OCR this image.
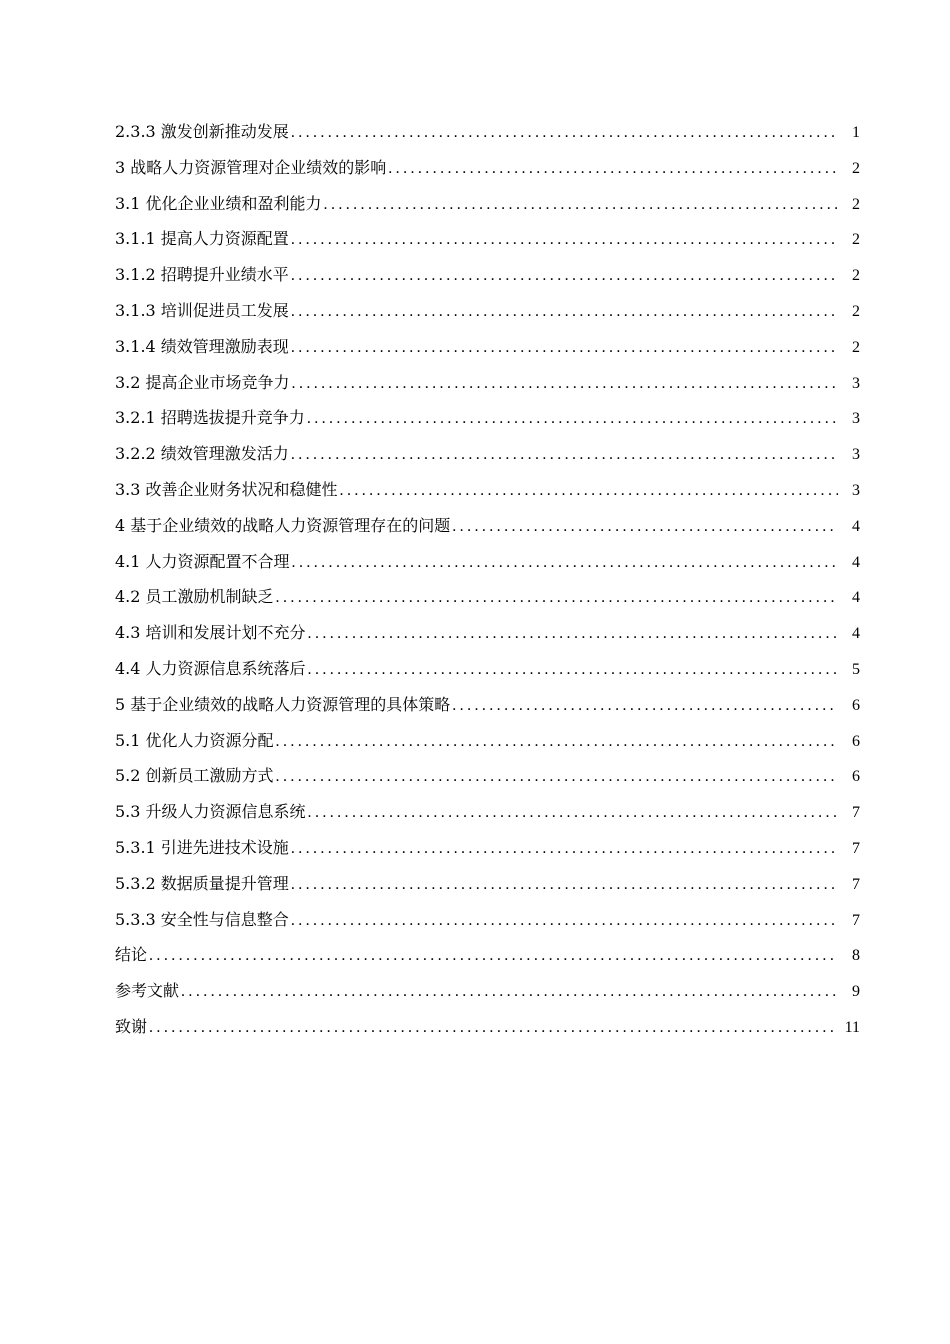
2.3.3 激发创新推动发展 .....	1
3 战略人力资源管理对企业绩效的影响 .....	2
3.1 优化企业业绩和盈利能力 .....	2
3.1.1 提高人力资源配置 .....	2
3.1.2 招聘提升业绩水平 .....	2
3.1.3 培训促进员工发展 .....	2
3.1.4 绩效管理激励表现 .....	2
3.2 提高企业市场竞争力 .....	3
3.2.1 招聘选拔提升竞争力 .....	3
3.2.2 绩效管理激发活力 .....	3
3.3 改善企业财务状况和稳健性 .....	3
4 基于企业绩效的战略人力资源管理存在的问题 .....	4
4.1 人力资源配置不合理 .....	4
4.2 员工激励机制缺乏 .....	4
4.3 培训和发展计划不充分 .....	4
4.4 人力资源信息系统落后 .....	5
5 基于企业绩效的战略人力资源管理的具体策略 .....	6
5.1 优化人力资源分配 .....	6
5.2 创新员工激励方式 .....	6
5.3 升级人力资源信息系统 .....	7
5.3.1 引进先进技术设施 .....	7
5.3.2 数据质量提升管理 .....	7
5.3.3 安全性与信息整合 .....	7
结论 .....	8
参考文献 .....	9
致谢 .....	11
